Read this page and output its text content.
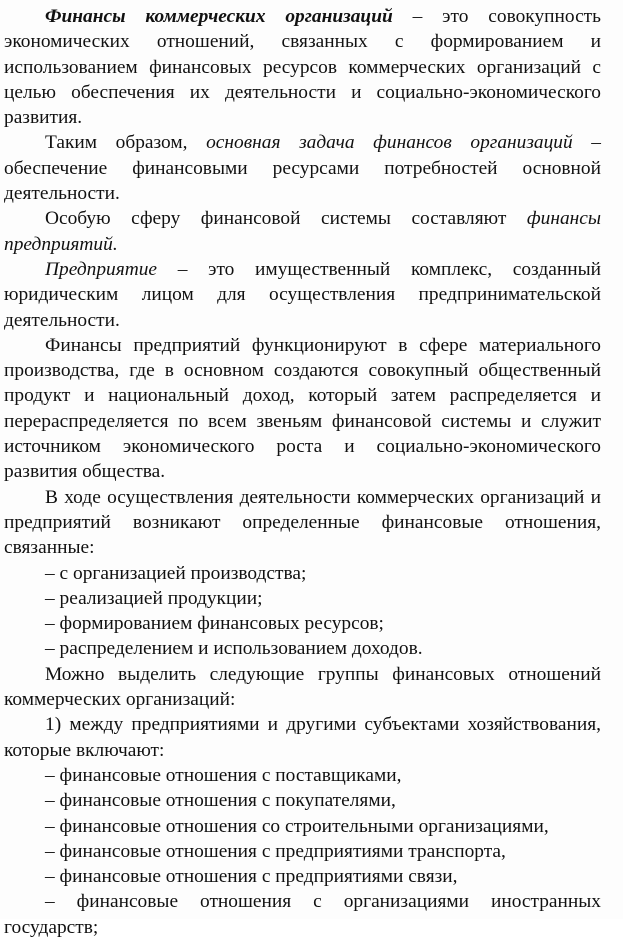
Финансы коммерческих организаций – это совокупность экономических отношений, связанных с формированием и использованием финансовых ресурсов коммерческих организаций с целью обеспечения их деятельности и социально-экономического развития.

Таким образом, основная задача финансов организаций – обеспечение финансовыми ресурсами потребностей основной деятельности.

Особую сферу финансовой системы составляют финансы предприятий.

Предприятие – это имущественный комплекс, созданный юридическим лицом для осуществления предпринимательской деятельности.

Финансы предприятий функционируют в сфере материального производства, где в основном создаются совокупный общественный продукт и национальный доход, который затем распределяется и перераспределяется по всем звеньям финансовой системы и служит источником экономического роста и социально-экономического развития общества.

В ходе осуществления деятельности коммерческих организаций и предприятий возникают определенные финансовые отношения, связанные:

– с организацией производства;

– реализацией продукции;

– формированием финансовых ресурсов;

– распределением и использованием доходов.

Можно выделить следующие группы финансовых отношений коммерческих организаций:

1) между предприятиями и другими субъектами хозяйствования, которые включают:

– финансовые отношения с поставщиками,

– финансовые отношения с покупателями,

– финансовые отношения со строительными организациями,

– финансовые отношения с предприятиями транспорта,

– финансовые отношения с предприятиями связи,

– финансовые отношения с организациями иностранных государств;
